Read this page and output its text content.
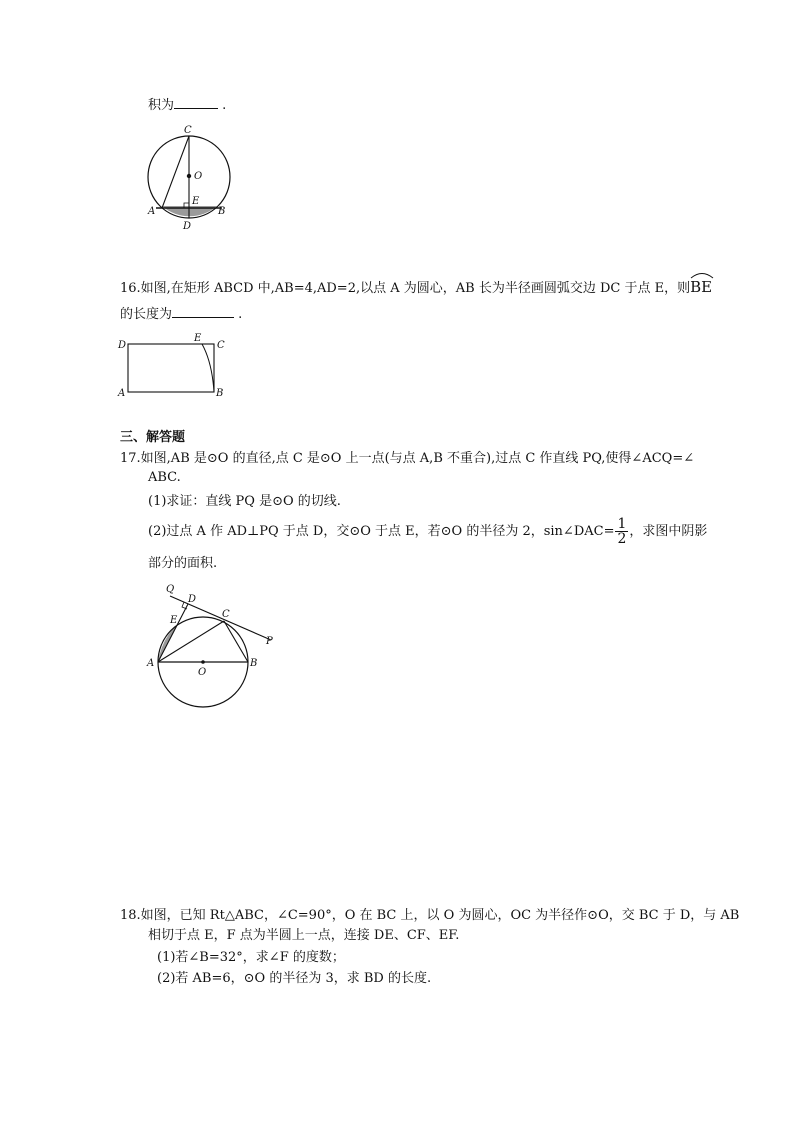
积为	.
C
O
E
A	B
D
16.如图,在矩形 ABCD 中,AB=4,AD=2,以点 A 为圆心，AB 长为半径画圆弧交边 DC 于点 E，则
BE
的长度为	.
D
E
C
A	B
三、解答题
17.如图,AB 是⊙O 的直径,点 C 是⊙O 上一点(与点 A,B 不重合),过点 C 作直线 PQ,使得∠ACQ=∠
ABC.
(1)求证：直线 PQ 是⊙O 的切线.
(2)过点 A 作 AD⊥PQ 于点 D，交⊙O 于点 E，若⊙O 的半径为 2，sin∠DAC= $\frac{1}{2}$ ，求图中阴影
部分的面积.
Q
D
E
C
P
A
O
B
18.如图，已知 Rt△ABC，∠C=90°，O 在 BC 上，以 O 为圆心，OC 为半径作⊙O，交 BC 于 D，与 AB
相切于点 E，F 点为半圆上一点，连接 DE、CF、EF.
(1)若∠B=32°，求∠F 的度数；
(2)若 AB=6，⊙O 的半径为 3，求 BD 的长度.
